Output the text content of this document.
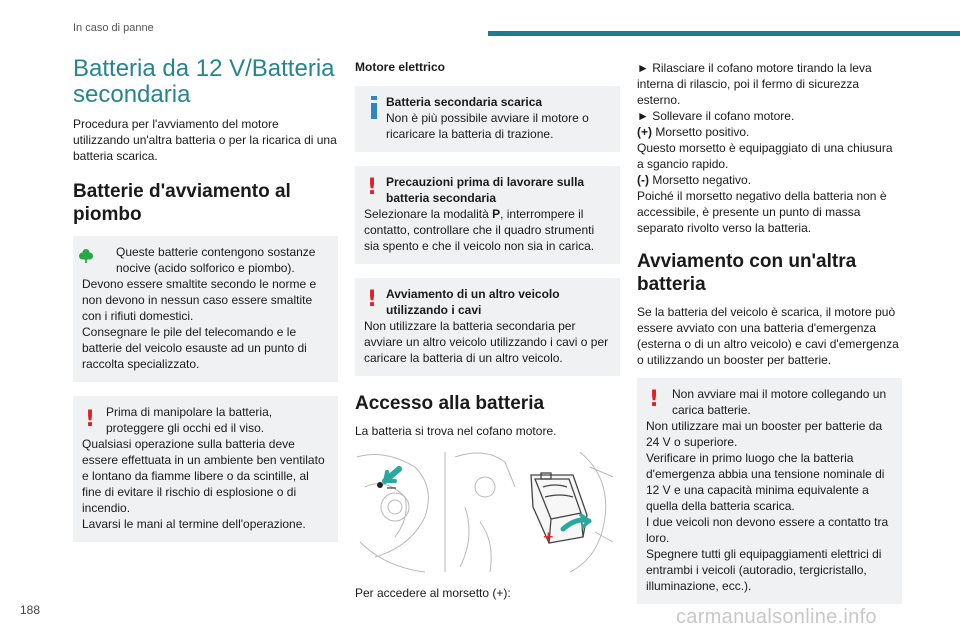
In caso di panne
Batteria da 12 V/Batteria secondaria

Procedura per l'avviamento del motore utilizzando un'altra batteria o per la ricarica di una batteria scarica.

Batterie d'avviamento al piombo
Queste batterie contengono sostanze nocive (acido solforico e piombo).
Devono essere smaltite secondo le norme e non devono in nessun caso essere smaltite con i rifiuti domestici.
Consegnare le pile del telecomando e le batterie del veicolo esauste ad un punto di raccolta specializzato.
! Prima di manipolare la batteria, proteggere gli occhi ed il viso.
Qualsiasi operazione sulla batteria deve essere effettuata in un ambiente ben ventilato e lontano da fiamme libere o da scintille, al fine di evitare il rischio di esplosione o di incendio.
Lavarsi le mani al termine dell'operazione.
Motore elettrico
Batteria secondaria scarica
Non è più possibile avviare il motore o ricaricare la batteria di trazione.
! Precauzioni prima di lavorare sulla batteria secondaria
Selezionare la modalità P, interrompere il contatto, controllare che il quadro strumenti sia spento e che il veicolo non sia in carica.
! Avviamento di un altro veicolo utilizzando i cavi
Non utilizzare la batteria secondaria per avviare un altro veicolo utilizzando i cavi o per caricare la batteria di un altro veicolo.
Accesso alla batteria

La batteria si trova nel cofano motore.

–
+

Per accedere al morsetto (+):

► Rilasciare il cofano motore tirando la leva interna di rilascio, poi il fermo di sicurezza esterno.

► Sollevare il cofano motore.

(+) Morsetto positivo.

Questo morsetto è equipaggiato di una chiusura a sgancio rapido.

(-) Morsetto negativo.

Poiché il morsetto negativo della batteria non è accessibile, è presente un punto di massa separato rivolto verso la batteria.

Avviamento con un'altra batteria

Se la batteria del veicolo è scarica, il motore può essere avviato con una batteria d'emergenza (esterna o di un altro veicolo) e cavi d'emergenza o utilizzando un booster per batterie.

!	Non avviare mai il motore collegando un carica batterie.
Non utilizzare mai un booster per batterie da 24 V o superiore.
Verificare in primo luogo che la batteria d'emergenza abbia una tensione nominale di 12 V e una capacità minima equivalente a quella della batteria scarica.
I due veicoli non devono essere a contatto tra loro.
Spegnere tutti gli equipaggiamenti elettrici di entrambi i veicoli (autoradio, tergicristallo, illuminazione, ecc.).
188	carmanualsonline.info
